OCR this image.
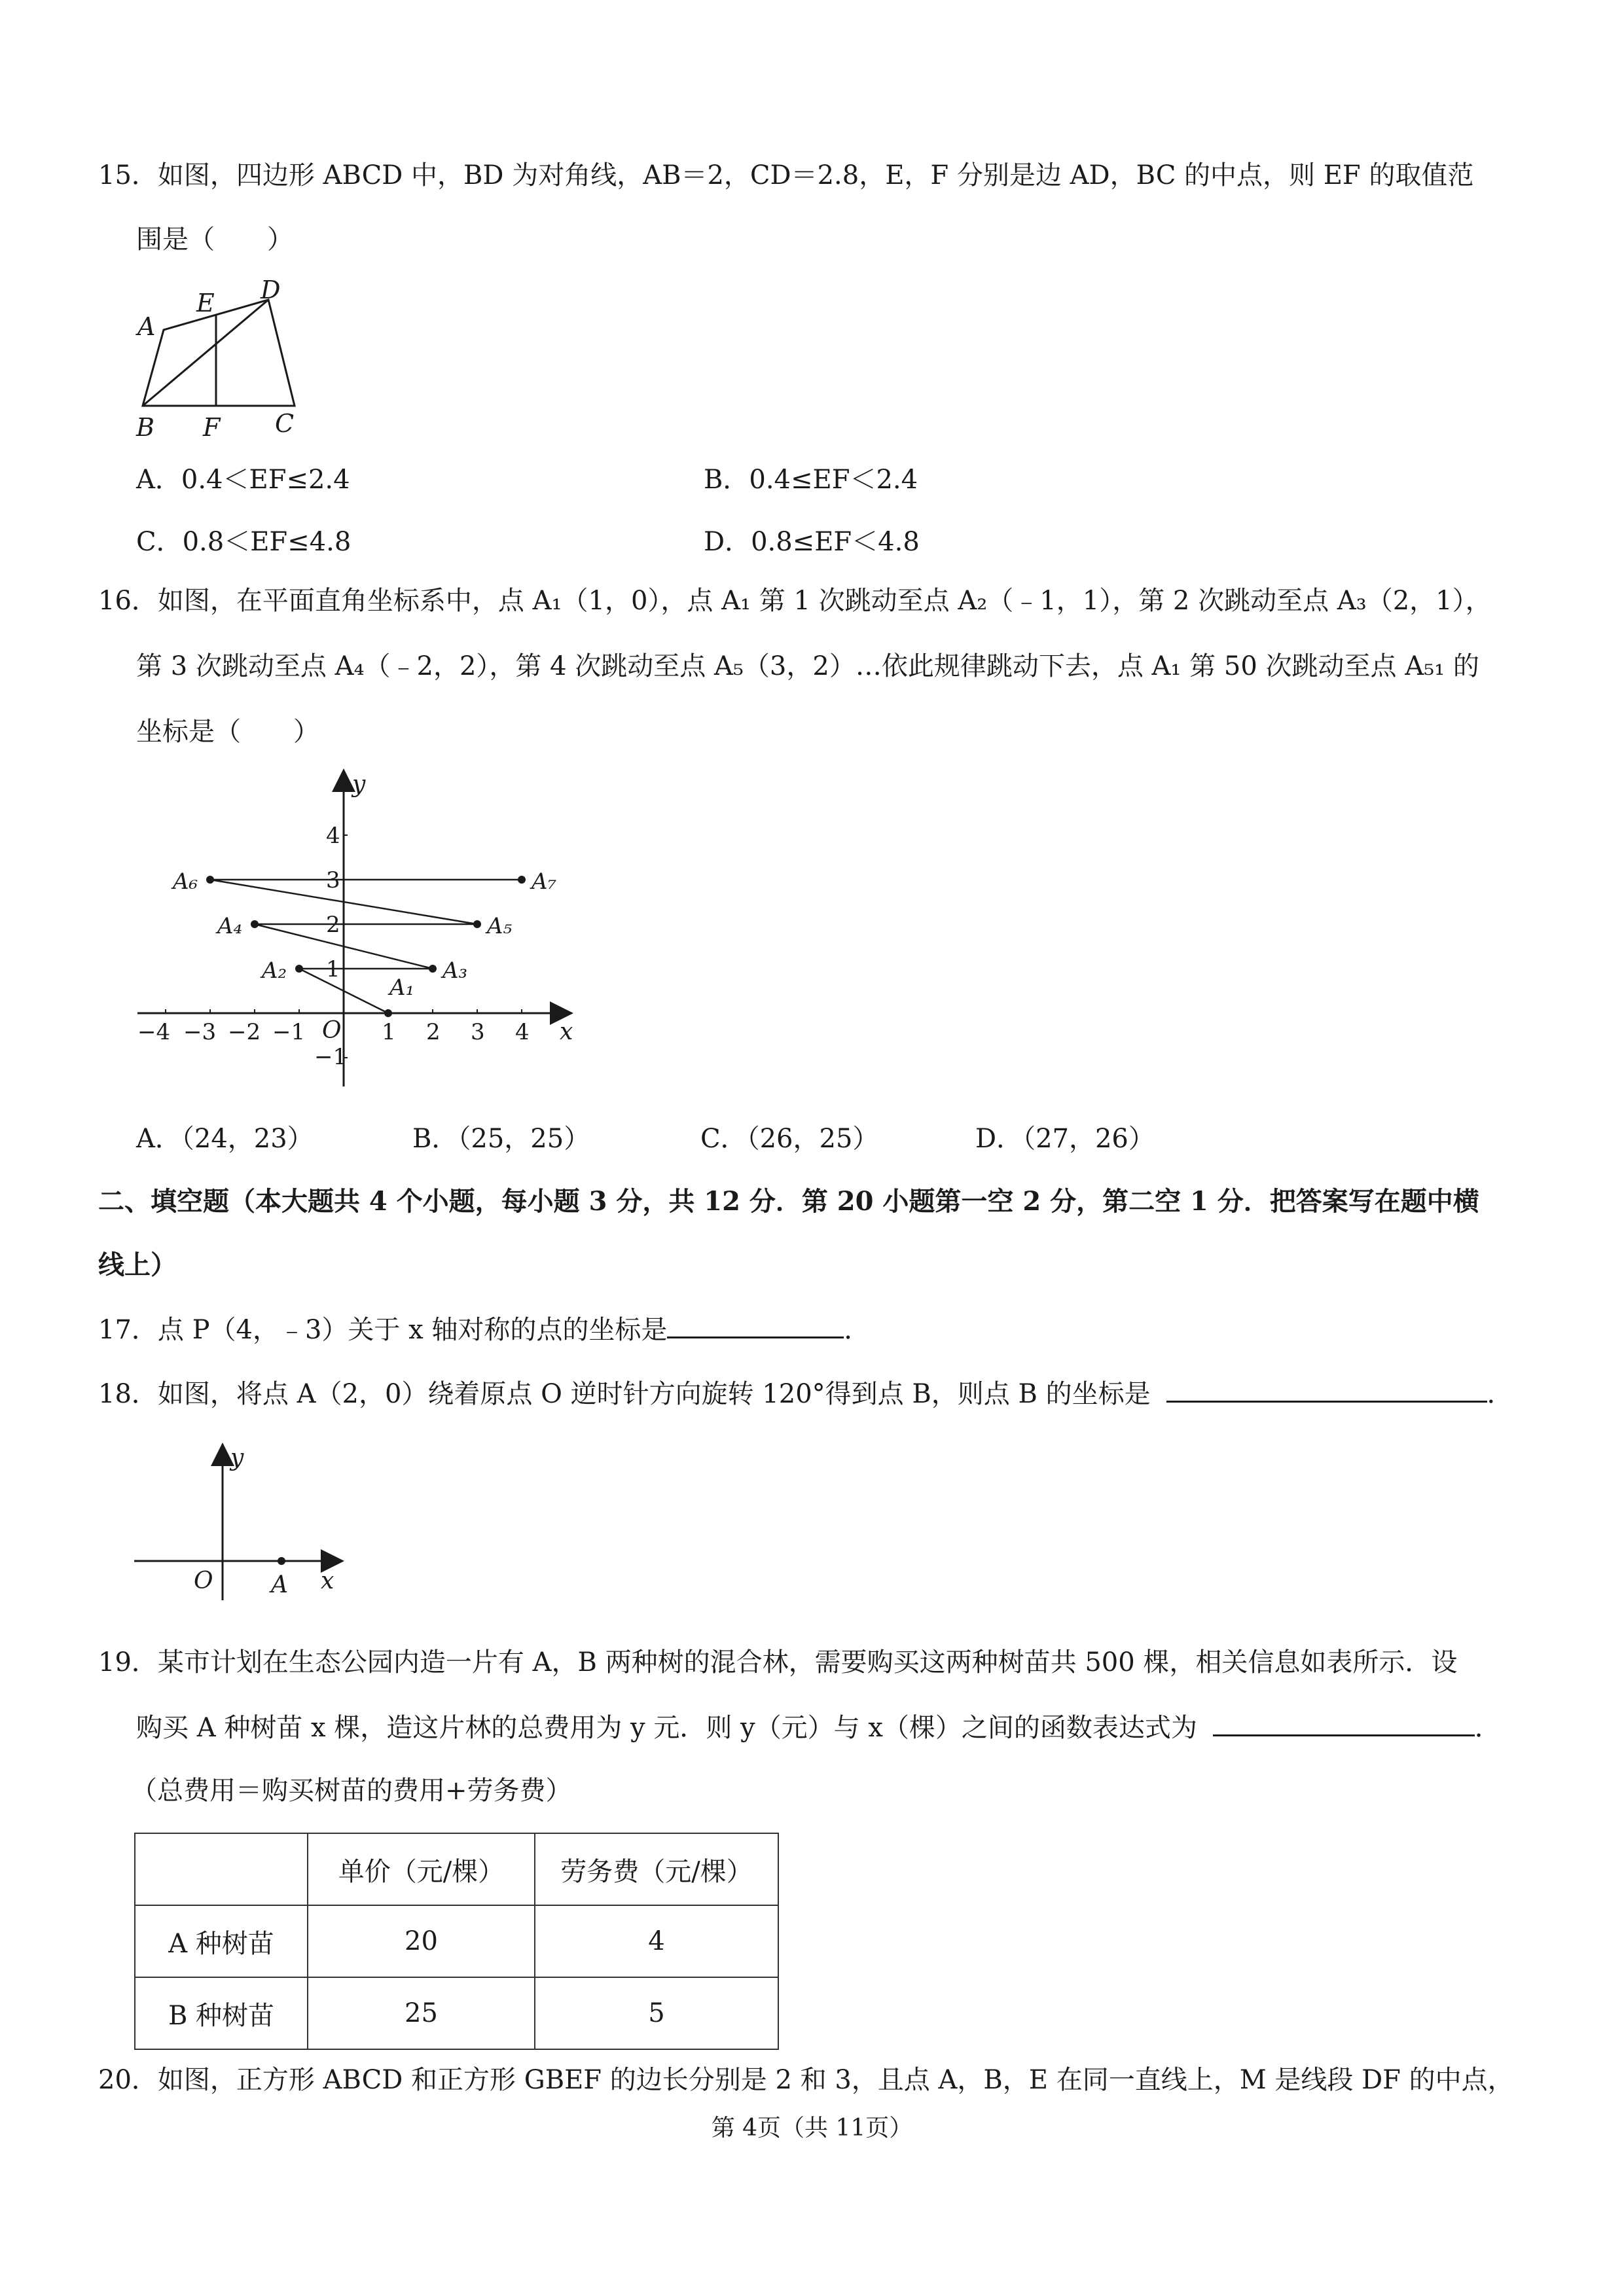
15．如图，四边形 ABCD 中，BD 为对角线，AB＝2，CD＝2.8，E，F 分别是边 AD，BC 的中点，则 EF 的取值范
围是（　　）
A
E D
B F C
A．0.4＜EF≤2.4	B．0.4≤EF＜2.4
C．0.8＜EF≤4.8	D．0.8≤EF＜4.8
16．如图，在平面直角坐标系中，点 A₁（1，0），点 A₁ 第 1 次跳动至点 A₂（﹣1，1），第 2 次跳动至点 A₃（2，1），
第 3 次跳动至点 A₄（﹣2，2），第 4 次跳动至点 A₅（3，2）…依此规律跳动下去，点 A₁ 第 50 次跳动至点 A₅₁ 的
坐标是（　　）
y
x
O
−4 −3 −2 −1	1 2 3 4
4
3
2
1
−1
A₁
A₂	A₃
A₄	A₅
A₆	A₇
A．（24，23）	B．（25，25）	C．（26，25）	D．（27，26）
二、填空题（本大题共 4 个小题，每小题 3 分，共 12 分．第 20 小题第一空 2 分，第二空 1 分．把答案写在题中横
线上）
17．点 P（4，﹣3）关于 x 轴对称的点的坐标是	．
18．如图，将点 A（2，0）绕着原点 O 逆时针方向旋转 120°得到点 B，则点 B 的坐标是	．
y
x
O A
19．某市计划在生态公园内造一片有 A，B 两种树的混合林，需要购买这两种树苗共 500 棵，相关信息如表所示．设
购买 A 种树苗 x 棵，造这片林的总费用为 y 元．则 y（元）与 x（棵）之间的函数表达式为	．
（总费用＝购买树苗的费用+劳务费）
	单价（元/棵）	劳务费（元/棵）
A 种树苗	20	4
B 种树苗	25	5
20．如图，正方形 ABCD 和正方形 GBEF 的边长分别是 2 和 3，且点 A，B，E 在同一直线上，M 是线段 DF 的中点，
第 4页（共 11页）
